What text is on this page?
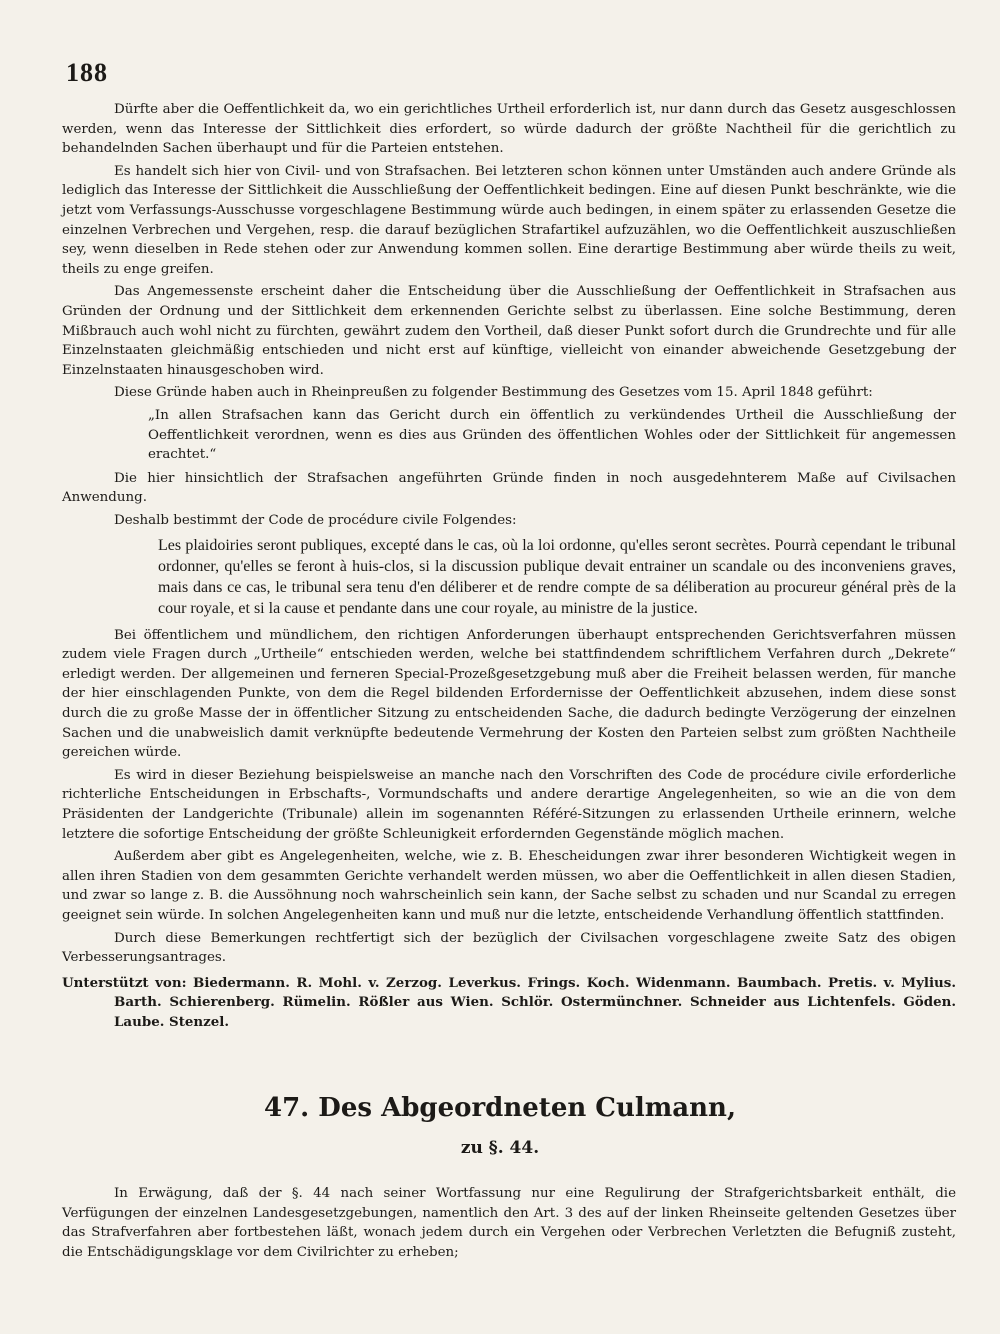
188

Dürfte aber die Oeffentlichkeit da, wo ein gerichtliches Urtheil erforderlich ist, nur dann durch das Gesetz ausgeschlossen werden, wenn das Interesse der Sittlichkeit dies erfordert, so würde dadurch der größte Nachtheil für die gerichtlich zu behandelnden Sachen überhaupt und für die Parteien entstehen.

Es handelt sich hier von Civil- und von Strafsachen. Bei letzteren schon können unter Umständen auch andere Gründe als lediglich das Interesse der Sittlichkeit die Ausschließung der Oeffentlichkeit bedingen. Eine auf diesen Punkt beschränkte, wie die jetzt vom Verfassungs-Ausschusse vorgeschlagene Bestimmung würde auch bedingen, in einem später zu erlassenden Gesetze die einzelnen Verbrechen und Vergehen, resp. die darauf bezüglichen Strafartikel aufzuzählen, wo die Oeffentlichkeit auszuschließen sey, wenn dieselben in Rede stehen oder zur Anwendung kommen sollen. Eine derartige Bestimmung aber würde theils zu weit, theils zu enge greifen.

Das Angemessenste erscheint daher die Entscheidung über die Ausschließung der Oeffentlichkeit in Strafsachen aus Gründen der Ordnung und der Sittlichkeit dem erkennenden Gerichte selbst zu überlassen. Eine solche Bestimmung, deren Mißbrauch auch wohl nicht zu fürchten, gewährt zudem den Vortheil, daß dieser Punkt sofort durch die Grundrechte und für alle Einzelnstaaten gleichmäßig entschieden und nicht erst auf künftige, vielleicht von einander abweichende Gesetzgebung der Einzelnstaaten hinausgeschoben wird.

Diese Gründe haben auch in Rheinpreußen zu folgender Bestimmung des Gesetzes vom 15. April 1848 geführt:

„In allen Strafsachen kann das Gericht durch ein öffentlich zu verkündendes Urtheil die Ausschließung der Oeffentlichkeit verordnen, wenn es dies aus Gründen des öffentlichen Wohles oder der Sittlichkeit für angemessen erachtet.“

Die hier hinsichtlich der Strafsachen angeführten Gründe finden in noch ausgedehnterem Maße auf Civilsachen Anwendung.

Deshalb bestimmt der Code de procédure civile Folgendes:

Les plaidoiries seront publiques, excepté dans le cas, où la loi ordonne, qu'elles seront secrètes. Pourrà cependant le tribunal ordonner, qu'elles se feront à huis-clos, si la discussion publique devait entrainer un scandale ou des inconveniens graves, mais dans ce cas, le tribunal sera tenu d'en déliberer et de rendre compte de sa déliberation au procureur général près de la cour royale, et si la cause et pendante dans une cour royale, au ministre de la justice.

Bei öffentlichem und mündlichem, den richtigen Anforderungen überhaupt entsprechenden Gerichtsverfahren müssen zudem viele Fragen durch „Urtheile“ entschieden werden, welche bei stattfindendem schriftlichem Verfahren durch „Dekrete“ erledigt werden. Der allgemeinen und ferneren Special-Prozeßgesetzgebung muß aber die Freiheit belassen werden, für manche der hier einschlagenden Punkte, von dem die Regel bildenden Erfordernisse der Oeffentlichkeit abzusehen, indem diese sonst durch die zu große Masse der in öffentlicher Sitzung zu entscheidenden Sache, die dadurch bedingte Verzögerung der einzelnen Sachen und die unabweislich damit verknüpfte bedeutende Vermehrung der Kosten den Parteien selbst zum größten Nachtheile gereichen würde.

Es wird in dieser Beziehung beispielsweise an manche nach den Vorschriften des Code de procédure civile erforderliche richterliche Entscheidungen in Erbschafts-, Vormundschafts und andere derartige Angelegenheiten, so wie an die von dem Präsidenten der Landgerichte (Tribunale) allein im sogenannten Référé-Sitzungen zu erlassenden Urtheile erinnern, welche letztere die sofortige Entscheidung der größte Schleunigkeit erfordernden Gegenstände möglich machen.

Außerdem aber gibt es Angelegenheiten, welche, wie z. B. Ehescheidungen zwar ihrer besonderen Wichtigkeit wegen in allen ihren Stadien von dem gesammten Gerichte verhandelt werden müssen, wo aber die Oeffentlichkeit in allen diesen Stadien, und zwar so lange z. B. die Aussöhnung noch wahrscheinlich sein kann, der Sache selbst zu schaden und nur Scandal zu erregen geeignet sein würde. In solchen Angelegenheiten kann und muß nur die letzte, entscheidende Verhandlung öffentlich stattfinden.

Durch diese Bemerkungen rechtfertigt sich der bezüglich der Civilsachen vorgeschlagene zweite Satz des obigen Verbesserungsantrages.

Unterstützt von: Biedermann. R. Mohl. v. Zerzog. Leverkus. Frings. Koch. Widenmann. Baumbach. Pretis. v. Mylius. Barth. Schierenberg. Rümelin. Rößler aus Wien. Schlör. Ostermünchner. Schneider aus Lichtenfels. Göden. Laube. Stenzel.

47. Des Abgeordneten Culmann,
zu §. 44.

In Erwägung, daß der §. 44 nach seiner Wortfassung nur eine Regulirung der Strafgerichtsbarkeit enthält, die Verfügungen der einzelnen Landesgesetzgebungen, namentlich den Art. 3 des auf der linken Rheinseite geltenden Gesetzes über das Strafverfahren aber fortbestehen läßt, wonach jedem durch ein Vergehen oder Verbrechen Verletzten die Befugniß zusteht, die Entschädigungsklage vor dem Civilrichter zu erheben;
